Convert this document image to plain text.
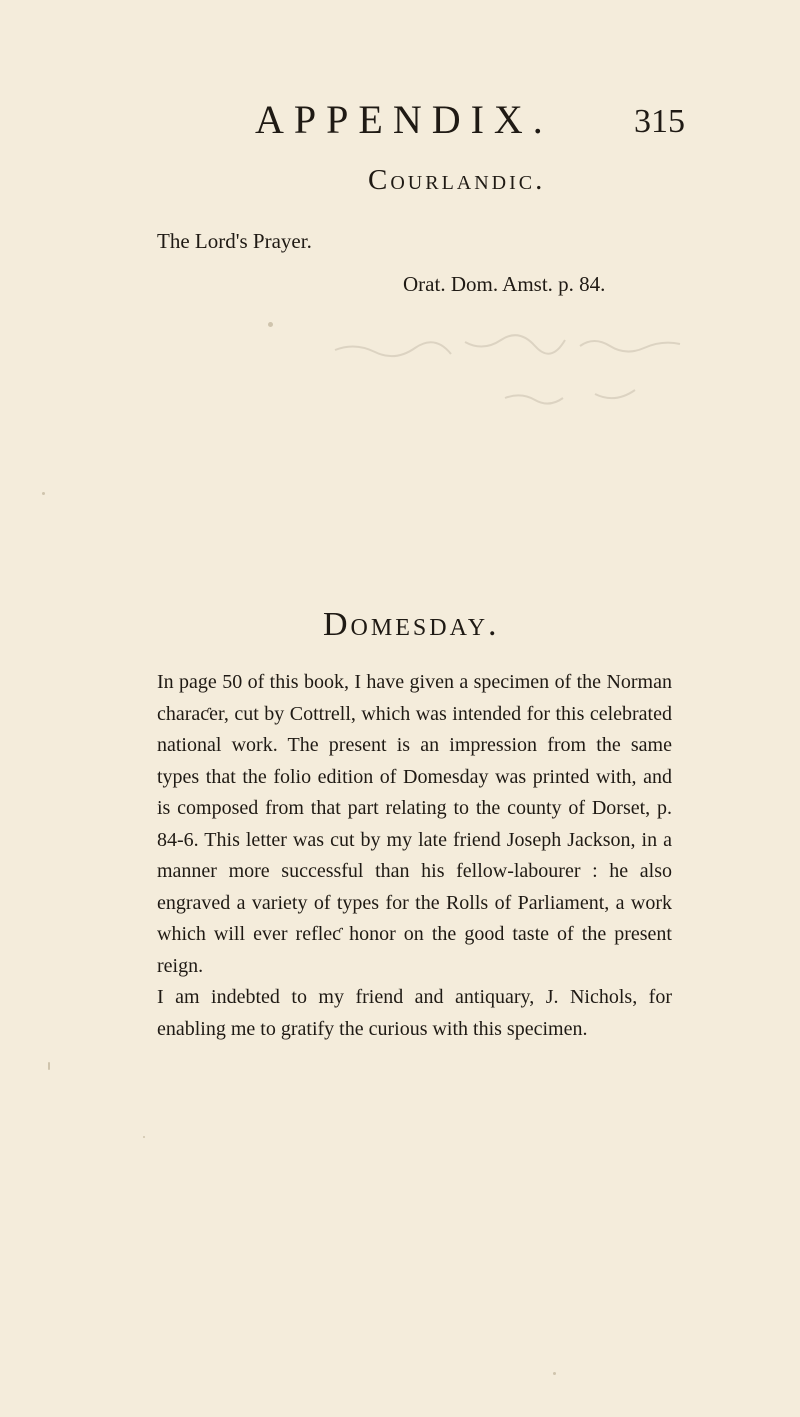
APPENDIX. 315
Courlandic.
The Lord's Prayer.
Orat. Dom. Amst. p. 84.
Domesday.

In page 50 of this book, I have given a specimen of the Norman charaƈer, cut by Cottrell, which was intended for this celebrated national work. The present is an impression from the same types that the folio edition of Domesday was printed with, and is composed from that part relating to the county of Dorset, p. 84-6. This letter was cut by my late friend Joseph Jackson, in a manner more successful than his fellow-labourer : he also engraved a variety of types for the Rolls of Parliament, a work which will ever refleƈ honor on the good taste of the present reign.

I am indebted to my friend and antiquary, J. Nichols, for enabling me to gratify the curious with this specimen.
